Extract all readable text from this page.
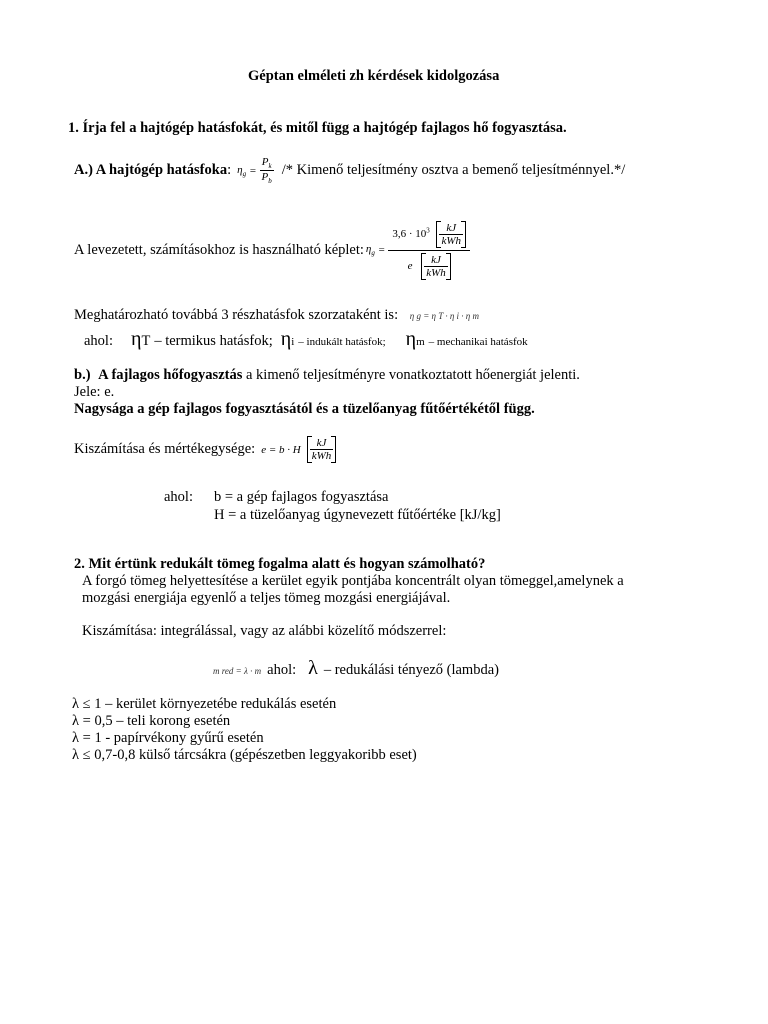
Géptan elméleti zh kérdések kidolgozása
1. Írja fel a hajtógép hatásfokát, és mitől függ a hajtógép fajlagos hő fogyasztása.
A.) A hajtógép hatásfoka : $\eta_g = \frac{P_k}{P_b}$ /* Kimenő teljesítmény osztva a bemenő teljesítménnyel.*/
A levezetett, számításokhoz is használható képlet: $\eta_g = 3,6 \cdot 10^3$	kJ
kWh
e
kJ
kWh
Meghatározható továbbá 3 részhatásfok szorzataként is: η g = η T · η i · η m
ahol: η T – termikus hatásfok; η i – indukált hatásfok; η m – mechanikai hatásfok
b.) A fajlagos hőfogyasztás a kimenő teljesítményre vonatkoztatott hőenergiát jelenti.
Jele: e.
Nagysága a gép fajlagos fogyasztásától és a tüzelőanyag fűtőértékétől függ.
Kiszámítása és mértékegysége: e = b · H
kJ
kWh
ahol: b = a gép fajlagos fogyasztása
H = a tüzelőanyag úgynevezett fűtőértéke [kJ/kg]
2. Mit értünk redukált tömeg fogalma alatt és hogyan számolható?
A forgó tömeg helyettesítése a kerület egyik pontjába koncentrált olyan tömeggel,amelynek a
mozgási energiája egyenlő a teljes tömeg mozgási energiájával.
Kiszámítása: integrálással, vagy az alábbi közelítő módszerrel:
m red = λ · m ahol: λ – redukálási tényező (lambda)
λ ≤ 1 – kerület környezetébe redukálás esetén
λ = 0,5 – teli korong esetén
λ = 1 - papírvékony gyűrű esetén
λ ≤ 0,7-0,8 külső tárcsákra (gépészetben leggyakoribb eset)
